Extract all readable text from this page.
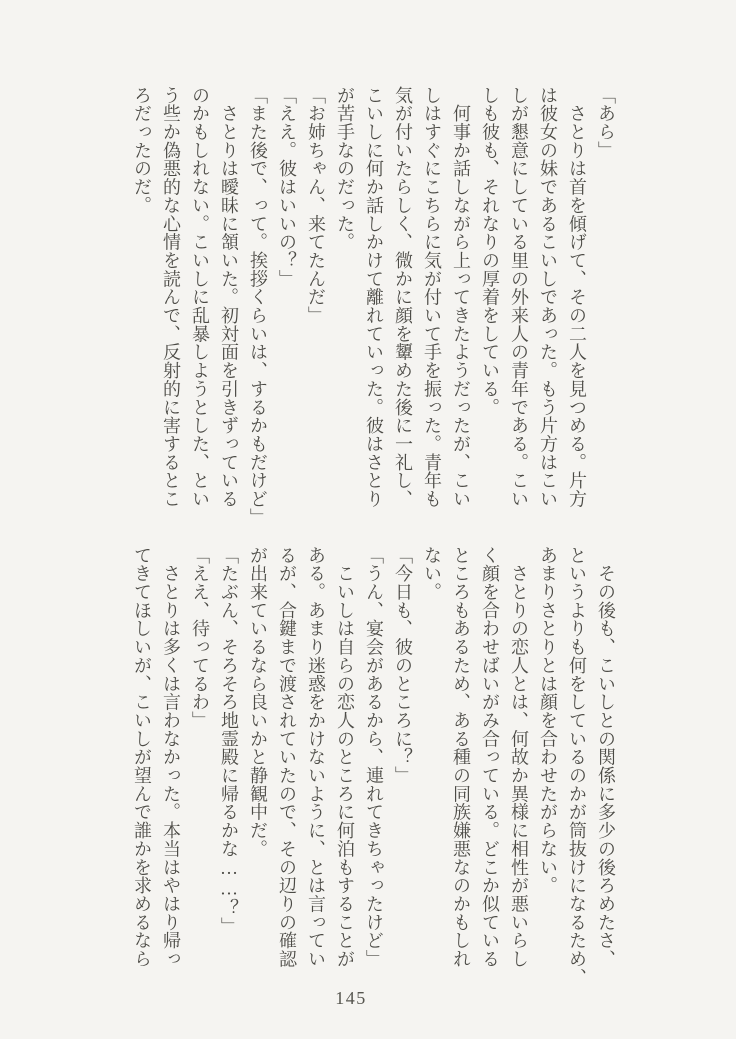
「あら」
　さとりは首を傾げて、その二人を見つめる。片方
は彼女の妹であるこいしであった。もう片方はこい
しが懇意にしている里の外来人の青年である。こい
しも彼も、それなりの厚着をしている。
　何事か話しながら上ってきたようだったが、こい
しはすぐにこちらに気が付いて手を振った。青年も
気が付いたらしく、微かに顔を顰めた後に一礼し、
こいしに何か話しかけて離れていった。彼はさとり
が苦手なのだった。
「お姉ちゃん、来てたんだ」
「ええ。彼はいいの？」
「また後で、って。挨拶くらいは、するかもだけど」
　さとりは曖昧に頷いた。初対面を引きずっている
のかもしれない。こいしに乱暴しようとした、とい
う些か偽悪的な心情を読んで、反射的に害するとこ
ろだったのだ。
　その後も、こいしとの関係に多少の後ろめたさ、
というよりも何をしているのかが筒抜けになるため、
あまりさとりとは顔を合わせたがらない。
　さとりの恋人とは、何故か異様に相性が悪いらし
く顔を合わせばいがみ合っている。どこか似ている
ところもあるため、ある種の同族嫌悪なのかもしれ
ない。
「今日も、彼のところに？」
「うん、宴会があるから、連れてきちゃったけど」
　こいしは自らの恋人のところに何泊もすることが
ある。あまり迷惑をかけないように、とは言ってい
るが、合鍵まで渡されていたので、その辺りの確認
が出来ているなら良いかと静観中だ。
「たぶん、そろそろ地霊殿に帰るかな……？」
「ええ、待ってるわ」
　さとりは多くは言わなかった。本当はやはり帰っ
てきてほしいが、こいしが望んで誰かを求めるなら
145
